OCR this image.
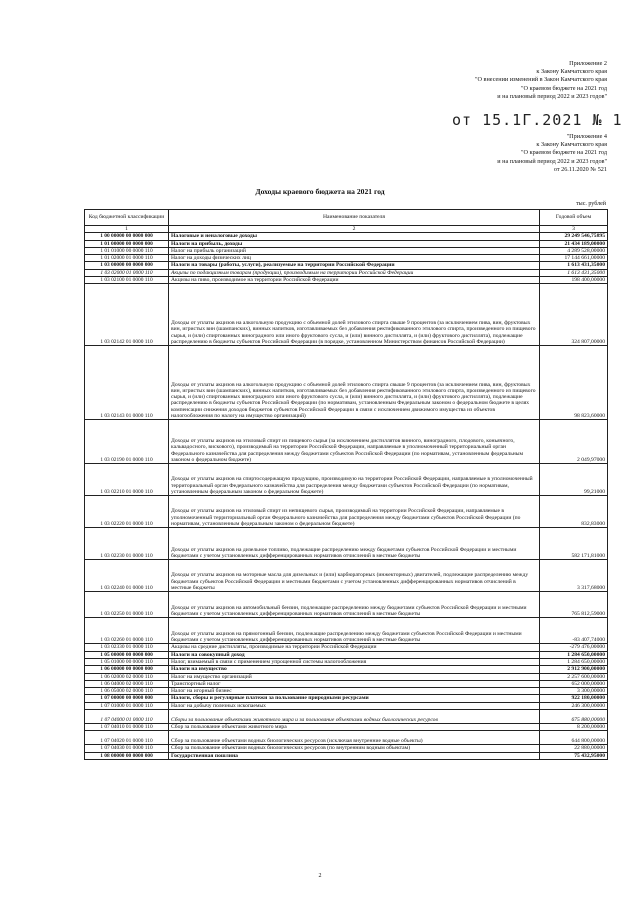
Приложение 2
к Закону Камчатского края
"О внесении изменений в Закон Камчатского края
"О краевом бюджете на 2021 год
и на плановый период 2022 и 2023 годов"
от 15.1Г.2021 № 1
"Приложение 4
к Закону Камчатского края
"О краевом бюджете на 2021 год
и на плановый период 2022 и 2023 годов"
от 26.11.2020 № 521
Доходы краевого бюджета на 2021 год
тыс. рублей
Код бюджетной классификации	Наименование показателя	Годовой объем
1	2	3
1 00 00000 00 0000 000	Налоговые и неналоговые доходы	29 249 546,75895
1 01 00000 00 0000 000	Налоги на прибыль, доходы	21 434 189,00000
1 01 01000 00 0000 110	Налог на прибыль организаций	4 289 528,00000
1 01 02000 01 0000 110	Налог на доходы физических лиц	17 144 661,00000
1 03 00000 00 0000 000	Налоги на товары (работы, услуги), реализуемые на территории Российской Федерации	1 613 431,35000
1 03 02000 01 0000 110	Акцизы по подакцизным товарам (продукции), производимым на территории Российской Федерации	1 613 431,35000
1 03 02100 01 0000 110	Акцизы на пиво, производимое на территории Российской Федерации	198 400,00000
1 03 02142 01 0000 110	Доходы от уплаты акцизов на алкогольную продукцию с объемной долей этилового спирта свыше 9 процентов (за исключением пива, вин, фруктовых вин, игристых вин (шампанских), винных напитков, изготавливаемых без добавления ректификованного этилового спирта, произведенного из пищевого сырья, и (или) спиртованных виноградного или иного фруктового сусла, и (или) винного дистиллята, и (или) фруктового дистиллята), подлежащие распределению в бюджеты субъектов Российской Федерации (в порядке, установленном Министерством финансов Российской Федерации)	324 807,00000
1 03 02143 01 0000 110	Доходы от уплаты акцизов на алкогольную продукцию с объемной долей этилового спирта свыше 9 процентов (за исключением пива, вин, фруктовых вин, игристых вин (шампанских), винных напитков, изготавливаемых без добавления ректификованного этилового спирта, произведенного из пищевого сырья, и (или) спиртованных виноградного или иного фруктового сусла, и (или) винного дистиллята, и (или) фруктового дистиллята), подлежащие распределению в бюджеты субъектов Российской Федерации (по нормативам, установленным Федеральным законом о федеральном бюджете в целях компенсации снижения доходов бюджетов субъектов Российской Федерации в связи с исключением движимого имущества из объектов налогообложения по налогу на имущество организаций)	98 823,60000
1 03 02190 01 0000 110	Доходы от уплаты акцизов на этиловый спирт из пищевого сырья (за исключением дистиллятов винного, виноградного, плодового, коньячного, кальвадосного, вискового), производимый на территории Российской Федерации, направляемые в уполномоченный территориальный орган Федерального казначейства для распределения между бюджетами субъектов Российской Федерации (по нормативам, установленным федеральным законом о федеральном бюджете)	2 049,97000
1 03 02210 01 0000 110	Доходы от уплаты акцизов на спиртосодержащую продукцию, производимую на территории Российской Федерации, направляемые в уполномоченный территориальный орган Федерального казначейства для распределения между бюджетами субъектов Российской Федерации (по нормативам, установленным федеральным законом о федеральном бюджете)	99,21000
1 03 02220 01 0000 110	Доходы от уплаты акцизов на этиловый спирт из непищевого сырья, производимый на территории Российской Федерации, направляемые в уполномоченный территориальный орган Федерального казначейства для распределения между бюджетами субъектов Российской Федерации (по нормативам, установленным федеральным законом о федеральном бюджете)	832,83000
1 03 02230 01 0000 110	Доходы от уплаты акцизов на дизельное топливо, подлежащие распределению между бюджетами субъектов Российской Федерации и местными бюджетами с учетом установленных дифференцированных нормативов отчислений в местные бюджеты	582 171,81000
1 03 02240 01 0000 110	Доходы от уплаты акцизов на моторные масла для дизельных и (или) карбюраторных (инжекторных) двигателей, подлежащие распределению между бюджетами субъектов Российской Федерации и местными бюджетами с учетом установленных дифференцированных нормативов отчислений в местные бюджеты	3 317,68000
1 03 02250 01 0000 110	Доходы от уплаты акцизов на автомобильный бензин, подлежащие распределению между бюджетами субъектов Российской Федерации и местными бюджетами с учетом установленных дифференцированных нормативов отчислений в местные бюджеты	765 812,59000
1 03 02260 01 0000 110	Доходы от уплаты акцизов на прямогонный бензин, подлежащие распределению между бюджетами субъектов Российской Федерации и местными бюджетами с учетом установленных дифференцированных нормативов отчислений в местные бюджеты	-83 407,74000
1 03 02330 01 0000 110	Акцизы на средние дистилляты, производимые на территории Российской Федерации	-279 476,00000
1 05 00000 00 0000 000	Налоги на совокупный доход	1 284 650,00000
1 05 01000 00 0000 110	Налог, взимаемый в связи с применением упрощенной системы налогообложения	1 284 650,00000
1 06 00000 00 0000 000	Налоги на имущество	2 912 900,00000
1 06 02000 02 0000 110	Налог на имущество организаций	2 257 600,00000
1 06 04000 02 0000 110	Транспортный налог	652 000,00000
1 06 05000 02 0000 110	Налог на игорный бизнес	3 300,00000
1 07 00000 00 0000 000	Налоги, сборы и регулярные платежи за пользование природными ресурсами	922 180,00000
1 07 01000 01 0000 110	Налог на добычу полезных ископаемых	246 300,00000
1 07 04000 01 0000 110	Сборы за пользование объектами животного мира и за пользование объектами водных биологических ресурсов	675 880,00000
1 07 04010 01 0000 110	Сбор за пользование объектами животного мира	8 200,00000
1 07 04020 01 0000 110	Сбор за пользование объектами водных биологических ресурсов (исключая внутренние водные объекты)	644 800,00000
1 07 04030 01 0000 110	Сбор за пользование объектами водных биологических ресурсов (по внутренним водным объектам)	22 880,00000
1 08 00000 00 0000 000	Государственная пошлина	75 432,95000
2
